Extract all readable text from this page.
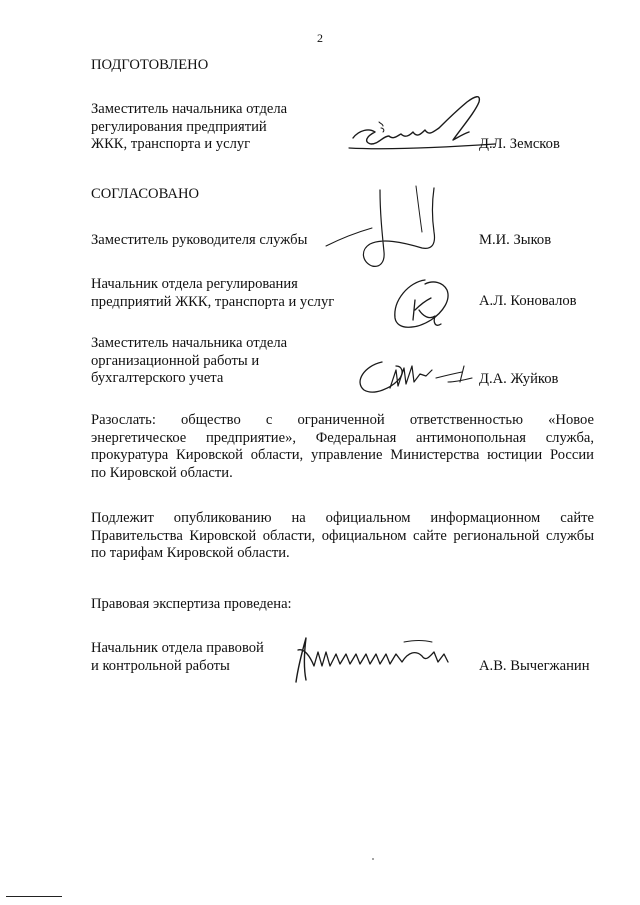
2
ПОДГОТОВЛЕНО
Заместитель начальника отдела
регулирования предприятий
ЖКК, транспорта и услуг	Д.Л. Земсков
СОГЛАСОВАНО
Заместитель руководителя службы	М.И. Зыков
Начальник отдела регулирования
предприятий ЖКК, транспорта и услуг	А.Л. Коновалов
Заместитель начальника отдела
организационной работы и
бухгалтерского учета	Д.А. Жуйков
Разослать: общество с ограниченной ответственностью «Новое
энергетическое предприятие», Федеральная антимонопольная служба,
прокуратура Кировской области, управление Министерства юстиции России
по Кировской области.
Подлежит опубликованию на официальном информационном сайте
Правительства Кировской области, официальном сайте региональной службы
по тарифам Кировской области.
Правовая экспертиза проведена:
Начальник отдела правовой
и контрольной работы	А.В. Вычегжанин
